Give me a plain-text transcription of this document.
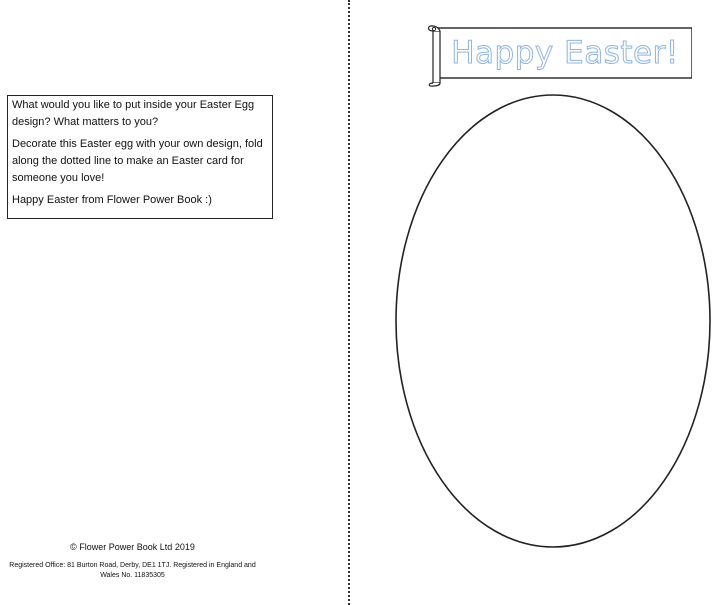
What would you like to put inside your Easter Egg design? What matters to you?

Decorate this Easter egg with your own design, fold along the dotted line to make an Easter card for someone you love!

Happy Easter from Flower Power Book :)

© Flower Power Book Ltd 2019

Registered Office: 81 Burton Road, Derby, DE1 1TJ. Registered in England and Wales No. 11835305

Happy Easter!
